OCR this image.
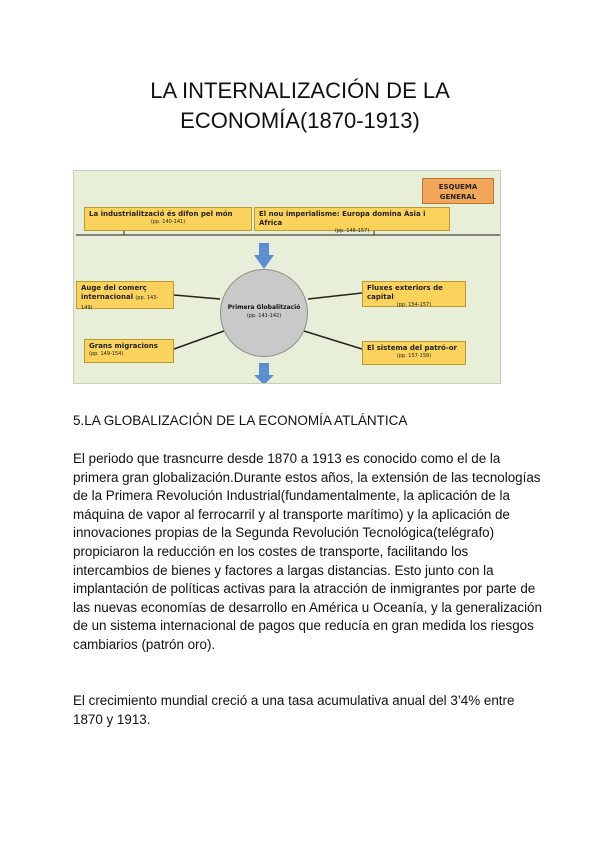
LA INTERNALIZACIÓN DE LA
ECONOMÍA(1870-1913)
ESQUEMA
GENERAL
La industrialització és difon pel món
(pp. 140-141)
El nou imperialisme: Europa domina Àsia i Àfrica
(pp. 146-157)
Auge del comerç internacional (pp. 143-149)
Fluxes exteriors de capital
(pp. 154-157)
Grans migracions
(pp. 149-154)
El sistema del patró-or
(pp. 157-158)
Primera Globalització
(pp. 141-142)
5.LA GLOBALIZACIÓN DE LA ECONOMÍA ATLÁNTICA

El periodo que trasncurre desde 1870 a 1913 es conocido como el de la primera gran globalización.Durante estos años, la extensión de las tecnologías de la Primera Revolución Industrial(fundamentalmente, la aplicación de la máquina de vapor al ferrocarril y al transporte marítimo) y la aplicación de innovaciones propias de la Segunda Revolución Tecnológica(telégrafo) propiciaron la reducción en los costes de transporte, facilitando los intercambios de bienes y factores a largas distancias. Esto junto con la implantación de políticas activas para la atracción de inmigrantes por parte de las nuevas economías de desarrollo en América u Oceanía, y la generalización de un sistema internacional de pagos que reducía en gran medida los riesgos cambiarios (patrón oro).

El crecimiento mundial creció a una tasa acumulativa anual del 3’4% entre 1870 y 1913.
